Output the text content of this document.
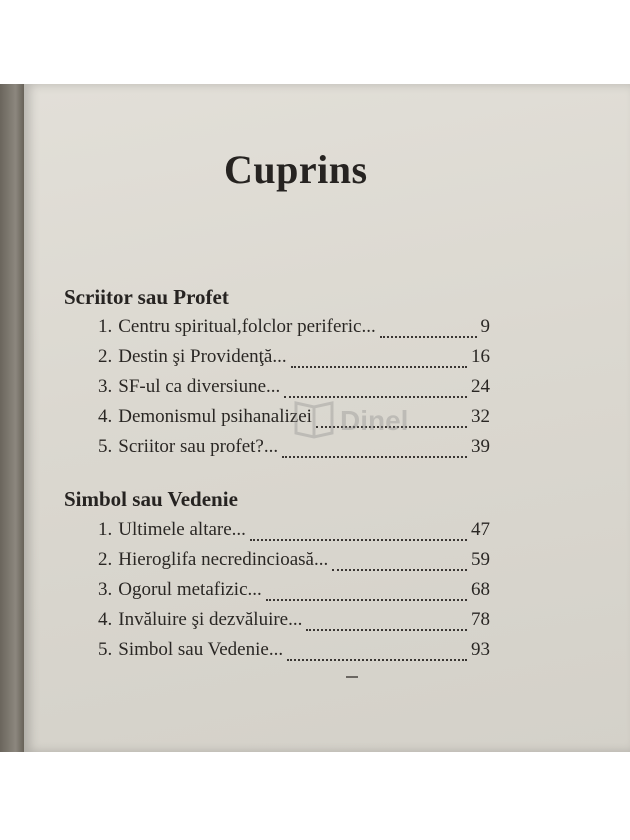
Cuprins
Scriitor sau Profet
1. Centru spiritual,folclor periferic...	9
2. Destin şi Providenţă...	16
3. SF-ul ca diversiune...	24
4. Demonismul psihanalizei	32
5. Scriitor sau profet?...	39
Simbol sau Vedenie
1. Ultimele altare...	47
2. Hieroglifa necredincioasă...	59
3. Ogorul metafizic...	68
4. Invăluire şi dezvăluire...	78
5. Simbol sau Vedenie...	93
Dinel
